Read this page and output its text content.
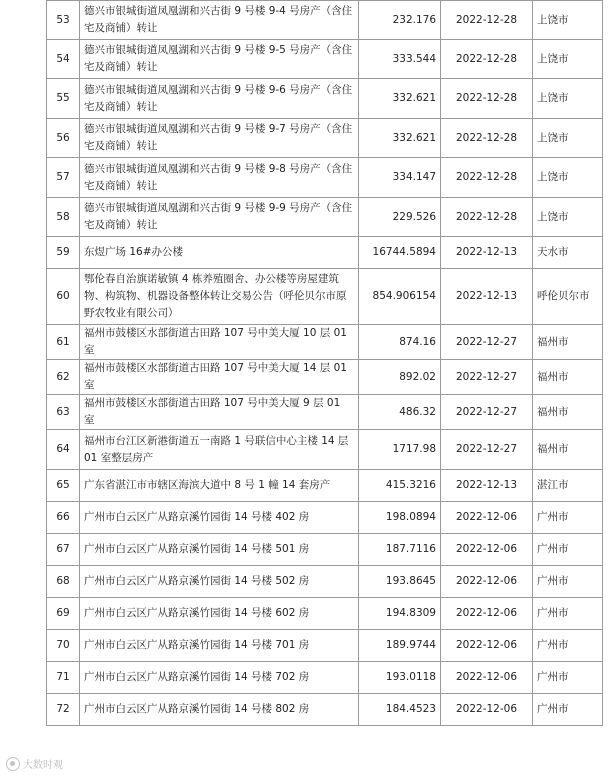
53	德兴市银城街道凤凰湖和兴古街 9 号楼 9-4 号房产（含住宅及商铺）转让	232.176	2022-12-28	上饶市
54	德兴市银城街道凤凰湖和兴古街 9 号楼 9-5 号房产（含住宅及商铺）转让	333.544	2022-12-28	上饶市
55	德兴市银城街道凤凰湖和兴古街 9 号楼 9-6 号房产（含住宅及商铺）转让	332.621	2022-12-28	上饶市
56	德兴市银城街道凤凰湖和兴古街 9 号楼 9-7 号房产（含住宅及商铺）转让	332.621	2022-12-28	上饶市
57	德兴市银城街道凤凰湖和兴古街 9 号楼 9-8 号房产（含住宅及商铺）转让	334.147	2022-12-28	上饶市
58	德兴市银城街道凤凰湖和兴古街 9 号楼 9-9 号房产（含住宅及商铺）转让	229.526	2022-12-28	上饶市
59	东煜广场 16#办公楼	16744.5894	2022-12-13	天水市
60	鄂伦春自治旗诺敏镇 4 栋养殖圈舍、办公楼等房屋建筑物、构筑物、机器设备整体转让交易公告（呼伦贝尔市原野农牧业有限公司）	854.906154	2022-12-13	呼伦贝尔市
61	福州市鼓楼区水部街道古田路 107 号中美大厦 10 层 01 室	874.16	2022-12-27	福州市
62	福州市鼓楼区水部街道古田路 107 号中美大厦 14 层 01 室	892.02	2022-12-27	福州市
63	福州市鼓楼区水部街道古田路 107 号中美大厦 9 层 01 室	486.32	2022-12-27	福州市
64	福州市台江区新港街道五一南路 1 号联信中心主楼 14 层 01 室整层房产	1717.98	2022-12-27	福州市
65	广东省湛江市市辖区海滨大道中 8 号 1 幢 14 套房产	415.3216	2022-12-13	湛江市
66	广州市白云区广从路京溪竹园街 14 号楼 402 房	198.0894	2022-12-06	广州市
67	广州市白云区广从路京溪竹园街 14 号楼 501 房	187.7116	2022-12-06	广州市
68	广州市白云区广从路京溪竹园街 14 号楼 502 房	193.8645	2022-12-06	广州市
69	广州市白云区广从路京溪竹园街 14 号楼 602 房	194.8309	2022-12-06	广州市
70	广州市白云区广从路京溪竹园街 14 号楼 701 房	189.9744	2022-12-06	广州市
71	广州市白云区广从路京溪竹园街 14 号楼 702 房	193.0118	2022-12-06	广州市
72	广州市白云区广从路京溪竹园街 14 号楼 802 房	184.4523	2022-12-06	广州市
大数时观
